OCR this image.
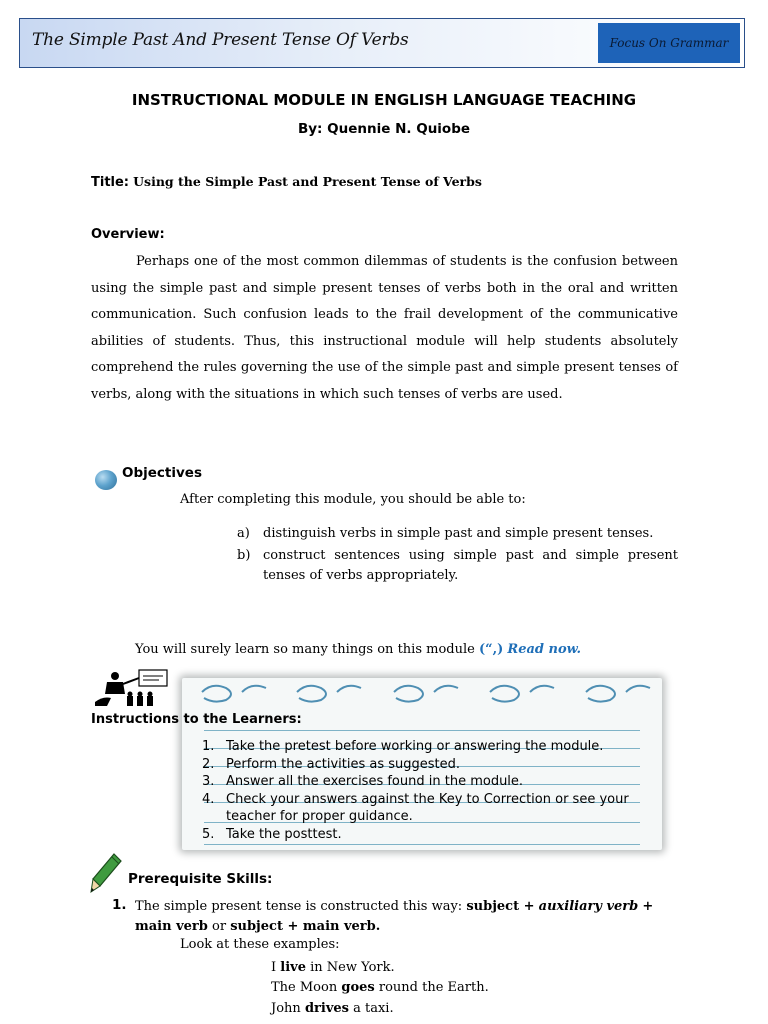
The Simple Past And Present Tense Of Verbs	Focus On Grammar
INSTRUCTIONAL MODULE IN ENGLISH LANGUAGE TEACHING
By: Quennie N. Quiobe
Title: Using the Simple Past and Present Tense of Verbs
Overview:

Perhaps one of the most common dilemmas of students is the confusion between using the simple past and simple present tenses of verbs both in the oral and written communication. Such confusion leads to the frail development of the communicative abilities of students. Thus, this instructional module will help students absolutely comprehend the rules governing the use of the simple past and simple present tenses of verbs, along with the situations in which such tenses of verbs are used.

Objectives
After completing this module, you should be able to:
a)	distinguish verbs in simple past and simple present tenses.
b) construct sentences using simple past and simple present tenses of verbs appropriately.
You will surely learn so many things on this module (“,) Read now.
Instructions to the Learners:
1. Take the pretest before working or answering the module.
2. Perform the activities as suggested.
3. Answer all the exercises found in the module.
4. Check your answers against the Key to Correction or see your teacher for proper guidance.
5. Take the posttest.
Prerequisite Skills:
1. The simple present tense is constructed this way: subject + auxiliary verb + main verb or subject + main verb.
Look at these examples:
I live in New York.
The Moon goes round the Earth.
John drives a taxi.
